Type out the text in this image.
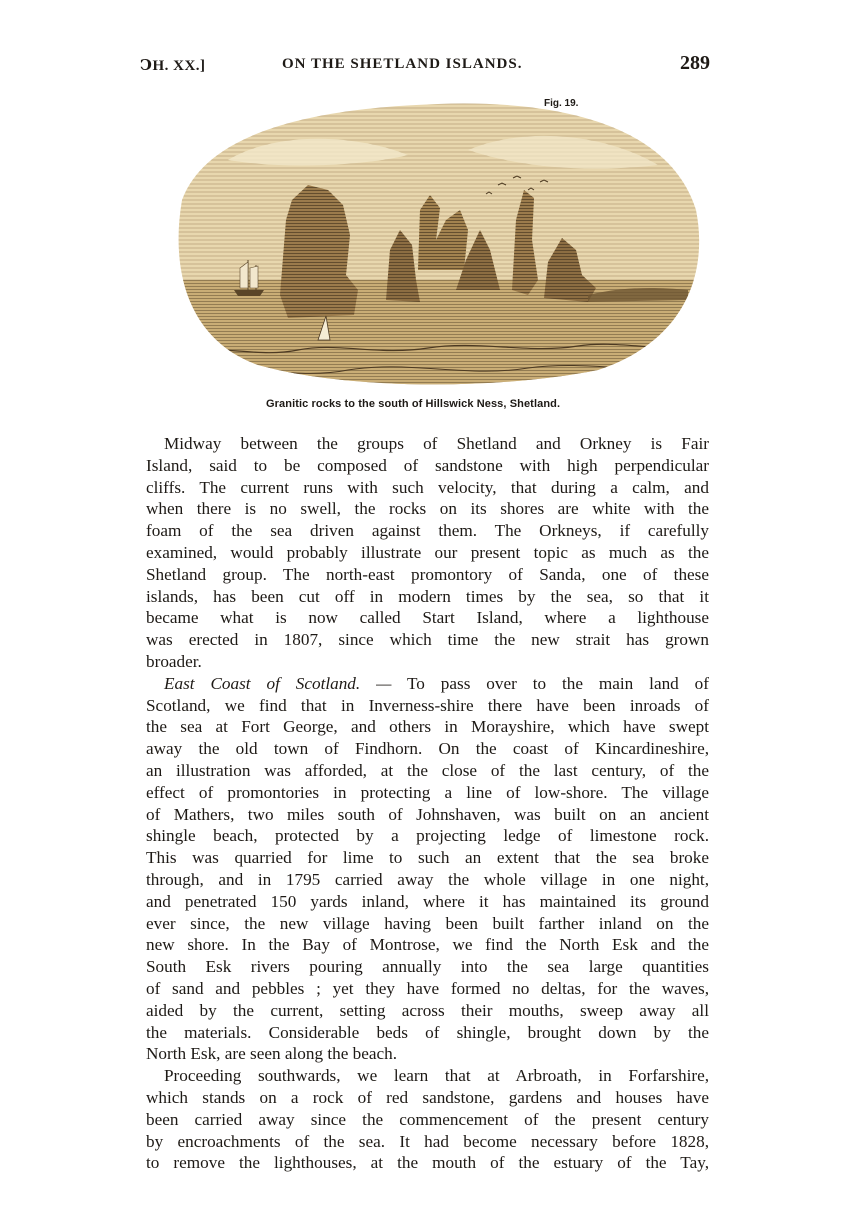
ↃH. XX.]	ON THE SHETLAND ISLANDS.	289
Fig. 19.
Granitic rocks to the south of Hillswick Ness, Shetland.
Midway between the groups of Shetland and Orkney is Fair
Island, said to be composed of sandstone with high perpendicular
cliffs. The current runs with such velocity, that during a calm, and
when there is no swell, the rocks on its shores are white with the
foam of the sea driven against them. The Orkneys, if carefully
examined, would probably illustrate our present topic as much as the
Shetland group. The north-east promontory of Sanda, one of these
islands, has been cut off in modern times by the sea, so that it
became what is now called Start Island, where a lighthouse
was erected in 1807, since which time the new strait has grown
broader.
East Coast of Scotland. — To pass over to the main land of
Scotland, we find that in Inverness-shire there have been inroads of
the sea at Fort George, and others in Morayshire, which have swept
away the old town of Findhorn. On the coast of Kincardineshire,
an illustration was afforded, at the close of the last century, of the
effect of promontories in protecting a line of low-shore. The village
of Mathers, two miles south of Johnshaven, was built on an ancient
shingle beach, protected by a projecting ledge of limestone rock.
This was quarried for lime to such an extent that the sea broke
through, and in 1795 carried away the whole village in one night,
and penetrated 150 yards inland, where it has maintained its ground
ever since, the new village having been built farther inland on the
new shore. In the Bay of Montrose, we find the North Esk and the
South Esk rivers pouring annually into the sea large quantities
of sand and pebbles ; yet they have formed no deltas, for the waves,
aided by the current, setting across their mouths, sweep away all
the materials. Considerable beds of shingle, brought down by the
North Esk, are seen along the beach.
Proceeding southwards, we learn that at Arbroath, in Forfarshire,
which stands on a rock of red sandstone, gardens and houses have
been carried away since the commencement of the present century
by encroachments of the sea. It had become necessary before 1828,
to remove the lighthouses, at the mouth of the estuary of the Tay,
